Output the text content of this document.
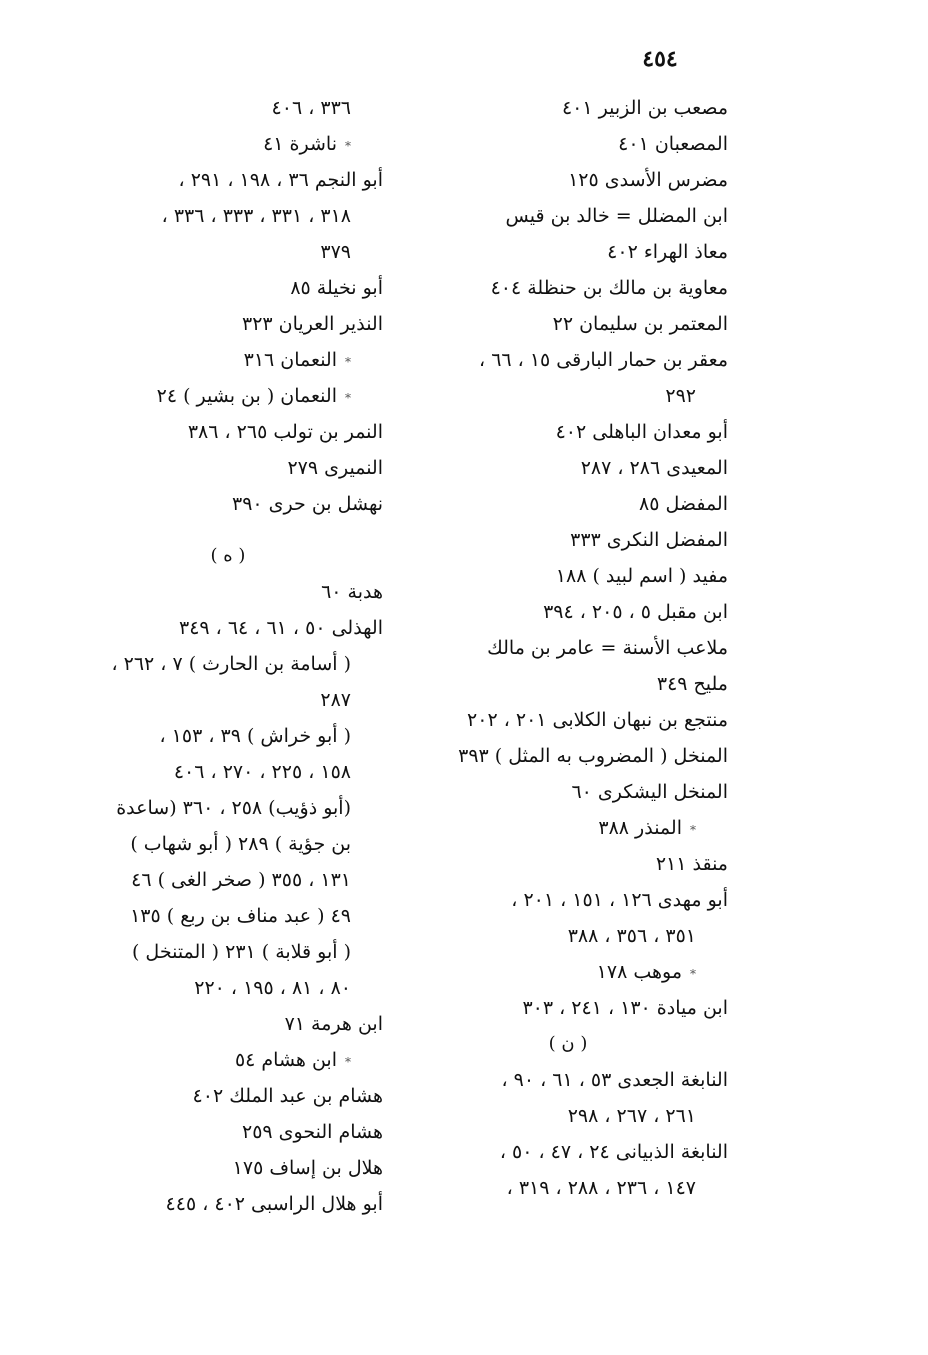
٤٥٤
مصعب بن الزبير ٤٠١
المصعبان ٤٠١
مضرس الأسدى ١٢٥
ابن المضلل = خالد بن قيس
معاذ الهراء ٤٠٢
معاوية بن مالك بن حنظلة ٤٠٤
المعتمر بن سليمان ٢٢
معقر بن حمار البارقى ١٥ ، ٦٦ ،
٢٩٢
أبو معدان الباهلى ٤٠٢
المعيدى ٢٨٦ ، ٢٨٧
المفضل ٨٥
المفضل النكرى ٣٣٣
مفيد ( اسم لبيد ) ١٨٨
ابن مقبل ٥ ، ٢٠٥ ، ٣٩٤
ملاعب الأسنة = عامر بن مالك
مليح ٣٤٩
منتجع بن نبهان الكلابى ٢٠١ ، ٢٠٢
المنخل ( المضروب به المثل ) ٣٩٣
المنخل اليشكرى ٦٠
*المنذر ٣٨٨
منقذ ٢١١
أبو مهدى ١٢٦ ، ١٥١ ، ٢٠١ ،
٣٥١ ، ٣٥٦ ، ٣٨٨
*موهب ١٧٨
ابن ميادة ١٣٠ ، ٢٤١ ، ٣٠٣
( ن )
النابغة الجعدى ٥٣ ، ٦١ ، ٩٠ ،
٢٦١ ، ٢٦٧ ، ٢٩٨
النابغة الذبيانى ٢٤ ، ٤٧ ، ٥٠ ،
١٤٧ ، ٢٣٦ ، ٢٨٨ ، ٣١٩ ،
٣٣٦ ، ٤٠٦
*ناشرة ٤١
أبو النجم ٣٦ ، ١٩٨ ، ٢٩١ ،
٣١٨ ، ٣٣١ ، ٣٣٣ ، ٣٣٦ ،
٣٧٩
أبو نخيلة ٨٥
النذير العريان ٣٢٣
*النعمان ٣١٦
*النعمان ( بن بشير ) ٢٤
النمر بن تولب ٢٦٥ ، ٣٨٦
النميرى ٢٧٩
نهشل بن حرى ٣٩٠
( ه )
هدبة ٦٠
الهذلى ٥٠ ، ٦١ ، ٦٤ ، ٣٤٩
( أسامة بن الحارث ) ٧ ، ٢٦٢ ،
٢٨٧
( أبو خراش ) ٣٩ ، ١٥٣ ،
١٥٨ ، ٢٢٥ ، ٢٧٠ ، ٤٠٦
(أبو ذؤيب) ٢٥٨ ، ٣٦٠ (ساعدة
بن جؤية ) ٢٨٩ ( أبو شهاب )
١٣١ ، ٣٥٥ ( صخر الغى ) ٤٦
٤٩ ( عبد مناف بن ربع ) ١٣٥
( أبو قلابة ) ٢٣١ ( المتنخل )
٨٠ ، ٨١ ، ١٩٥ ، ٢٢٠
ابن هرمة ٧١
*ابن هشام ٥٤
هشام بن عبد الملك ٤٠٢
هشام النحوى ٢٥٩
هلال بن إساف ١٧٥
أبو هلال الراسبى ٤٠٢ ، ٤٤٥
